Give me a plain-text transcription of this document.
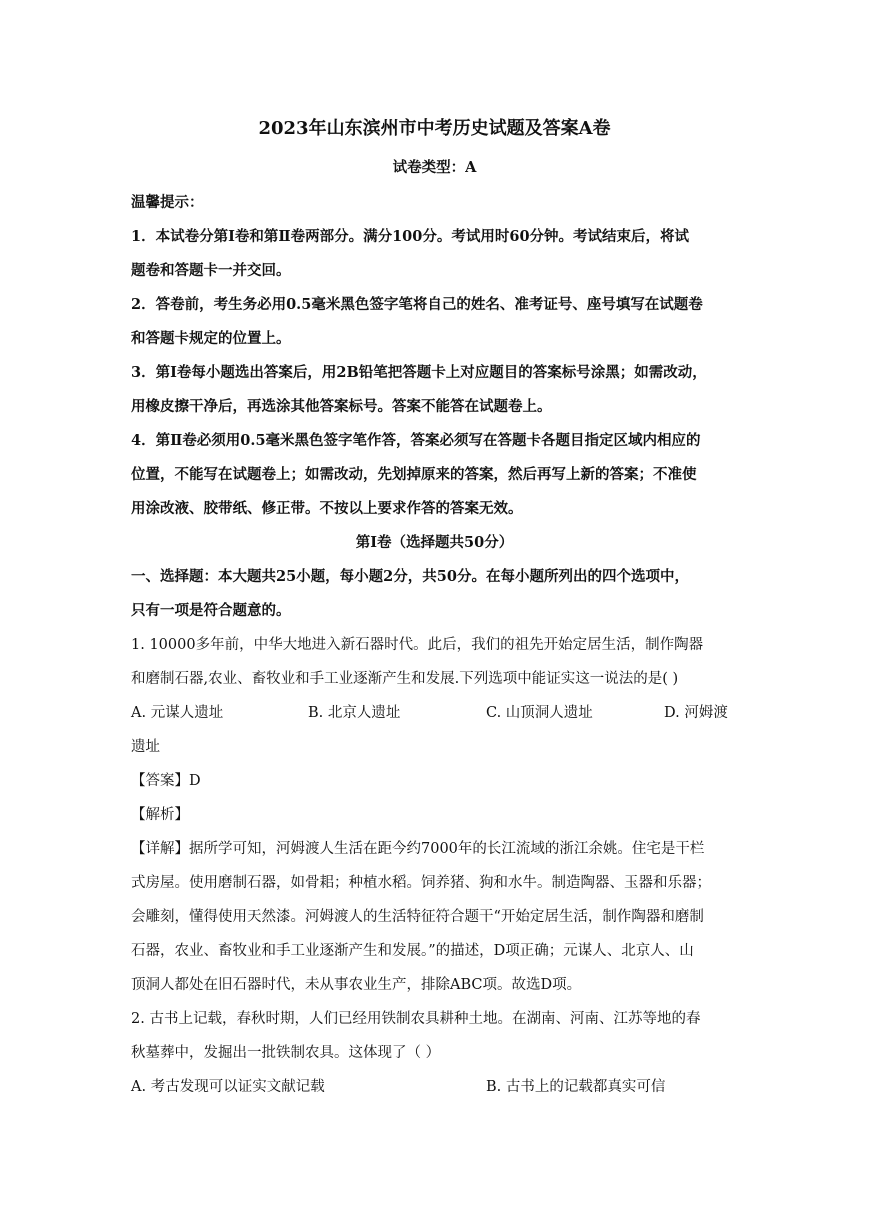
2023年山东滨州市中考历史试题及答案A卷
试卷类型：A
温馨提示：
1．本试卷分第Ⅰ卷和第Ⅱ卷两部分。满分100分。考试用时60分钟。考试结束后，将试
题卷和答题卡一并交回。
2．答卷前，考生务必用0.5毫米黑色签字笔将自己的姓名、准考证号、座号填写在试题卷
和答题卡规定的位置上。
3．第Ⅰ卷每小题选出答案后，用2B铅笔把答题卡上对应题目的答案标号涂黑；如需改动，
用橡皮擦干净后，再选涂其他答案标号。答案不能答在试题卷上。
4．第Ⅱ卷必须用0.5毫米黑色签字笔作答，答案必须写在答题卡各题目指定区域内相应的
位置，不能写在试题卷上；如需改动，先划掉原来的答案，然后再写上新的答案；不准使
用涂改液、胶带纸、修正带。不按以上要求作答的答案无效。
第Ⅰ卷（选择题共50分）
一、选择题：本大题共25小题，每小题2分，共50分。在每小题所列出的四个选项中，
只有一项是符合题意的。
1. 10000多年前，中华大地进入新石器时代。此后，我们的祖先开始定居生活，制作陶器
和磨制石器,农业、畜牧业和手工业逐渐产生和发展.下列选项中能证实这一说法的是( )
A. 元谋人遗址	B. 北京人遗址	C. 山顶洞人遗址	D. 河姆渡
遗址
【答案】D
【解析】
【详解】据所学可知，河姆渡人生活在距今约7000年的长江流域的浙江余姚。住宅是干栏
式房屋。使用磨制石器，如骨耜；种植水稻。饲养猪、狗和水牛。制造陶器、玉器和乐器；
会雕刻，懂得使用天然漆。河姆渡人的生活特征符合题干“开始定居生活，制作陶器和磨制
石器，农业、畜牧业和手工业逐渐产生和发展。”的描述，D项正确；元谋人、北京人、山
顶洞人都处在旧石器时代，未从事农业生产，排除ABC项。故选D项。
2. 古书上记载，春秋时期，人们已经用铁制农具耕种土地。在湖南、河南、江苏等地的春
秋墓葬中，发掘出一批铁制农具。这体现了（ ）
A. 考古发现可以证实文献记载	B. 古书上的记载都真实可信
